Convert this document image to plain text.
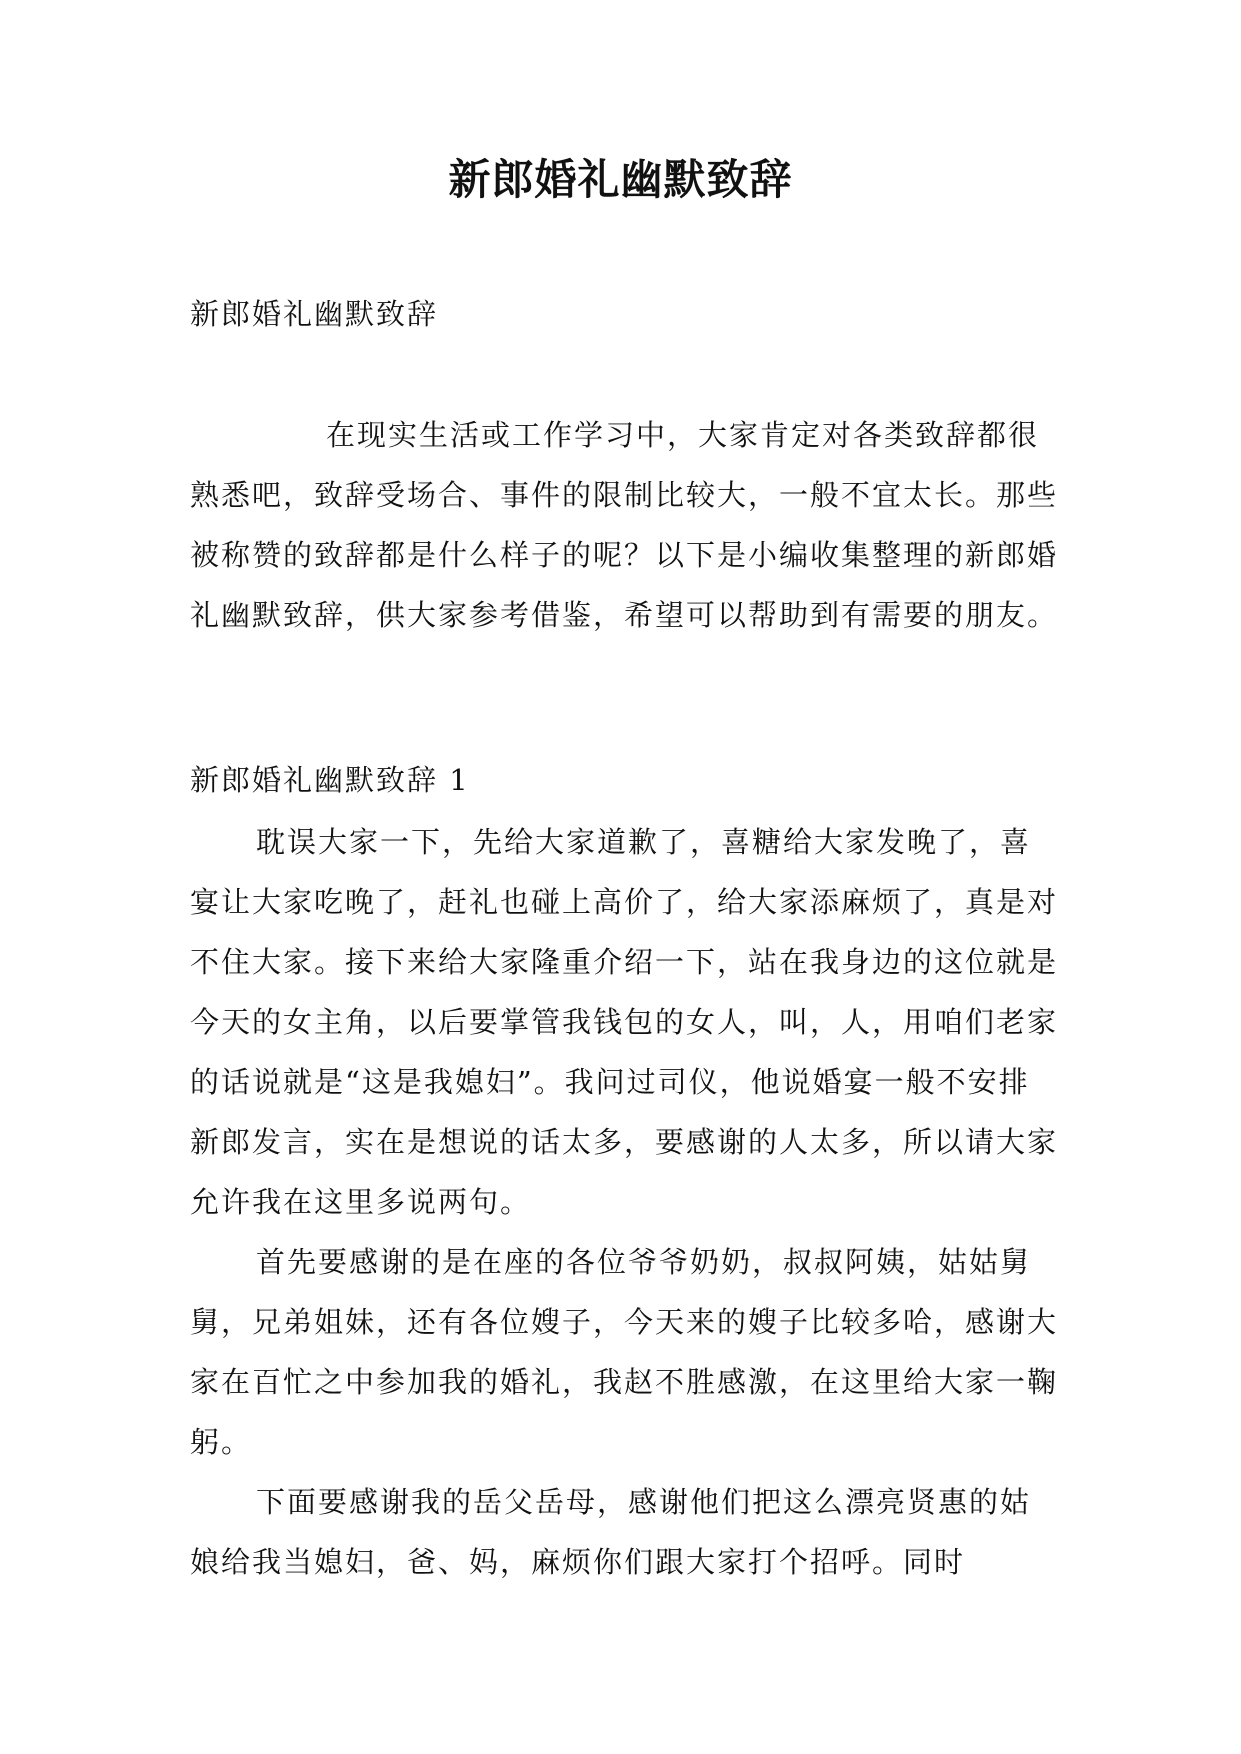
新郎婚礼幽默致辞
新郎婚礼幽默致辞

在现实生活或工作学习中，大家肯定对各类致辞都很熟悉吧，致辞受场合、事件的限制比较大，一般不宜太长。那些被称赞的致辞都是什么样子的呢？以下是小编收集整理的新郎婚礼幽默致辞，供大家参考借鉴，希望可以帮助到有需要的朋友。

新郎婚礼幽默致辞 1

耽误大家一下，先给大家道歉了，喜糖给大家发晚了，喜宴让大家吃晚了，赶礼也碰上高价了，给大家添麻烦了，真是对不住大家。接下来给大家隆重介绍一下，站在我身边的这位就是今天的女主角，以后要掌管我钱包的女人，叫，人，用咱们老家的话说就是“这是我媳妇”。我问过司仪，他说婚宴一般不安排新郎发言，实在是想说的话太多，要感谢的人太多，所以请大家允许我在这里多说两句。

首先要感谢的是在座的各位爷爷奶奶，叔叔阿姨，姑姑舅舅，兄弟姐妹，还有各位嫂子，今天来的嫂子比较多哈，感谢大家在百忙之中参加我的婚礼，我赵不胜感激，在这里给大家一鞠躬。

下面要感谢我的岳父岳母，感谢他们把这么漂亮贤惠的姑娘给我当媳妇，爸、妈，麻烦你们跟大家打个招呼。同时
